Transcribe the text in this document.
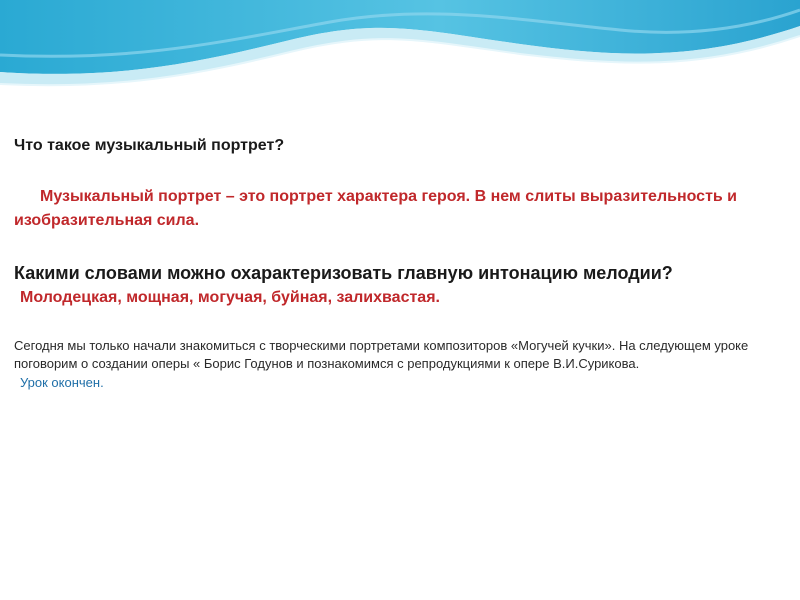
Что такое музыкальный портрет?

Музыкальный портрет – это портрет характера героя. В нем слиты выразительность и изобразительная сила.

Какими словами можно охарактеризовать главную интонацию мелодии?

Молодецкая, мощная, могучая, буйная, залихвастая.

Сегодня мы только начали знакомиться с творческими портретами композиторов «Могучей кучки». На следующем уроке поговорим о создании оперы « Борис Годунов и познакомимся с репродукциями к опере В.И.Сурикова.

Урок окончен.
